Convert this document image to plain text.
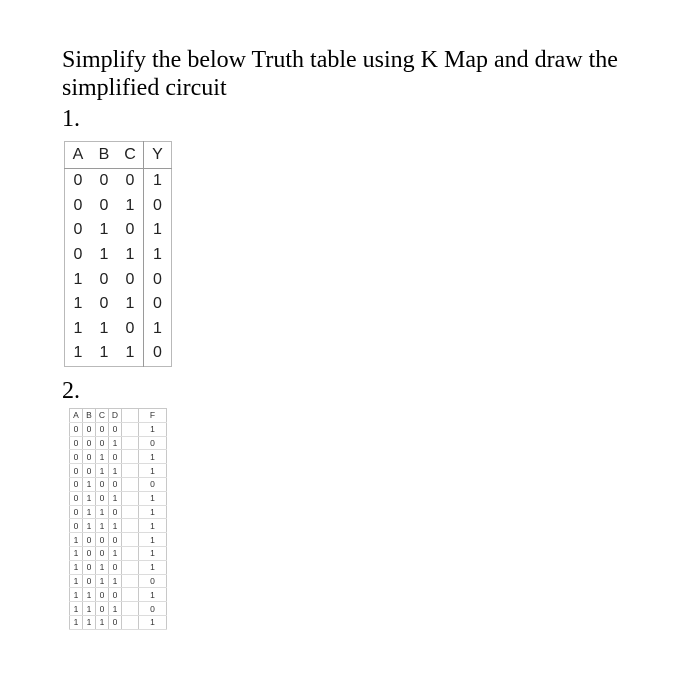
Simplify the below Truth table using K Map and draw the simplified circuit
1.
A	B	C	Y
0	0	0	1
0	0	1	0
0	1	0	1
0	1	1	1
1	0	0	0
1	0	1	0
1	1	0	1
1	1	1	0
2.
A	B	C	D		F
0	0	0	0		1
0	0	0	1		0
0	0	1	0		1
0	0	1	1		1
0	1	0	0		0
0	1	0	1		1
0	1	1	0		1
0	1	1	1		1
1	0	0	0		1
1	0	0	1		1
1	0	1	0		1
1	0	1	1		0
1	1	0	0		1
1	1	0	1		0
1	1	1	0		1
